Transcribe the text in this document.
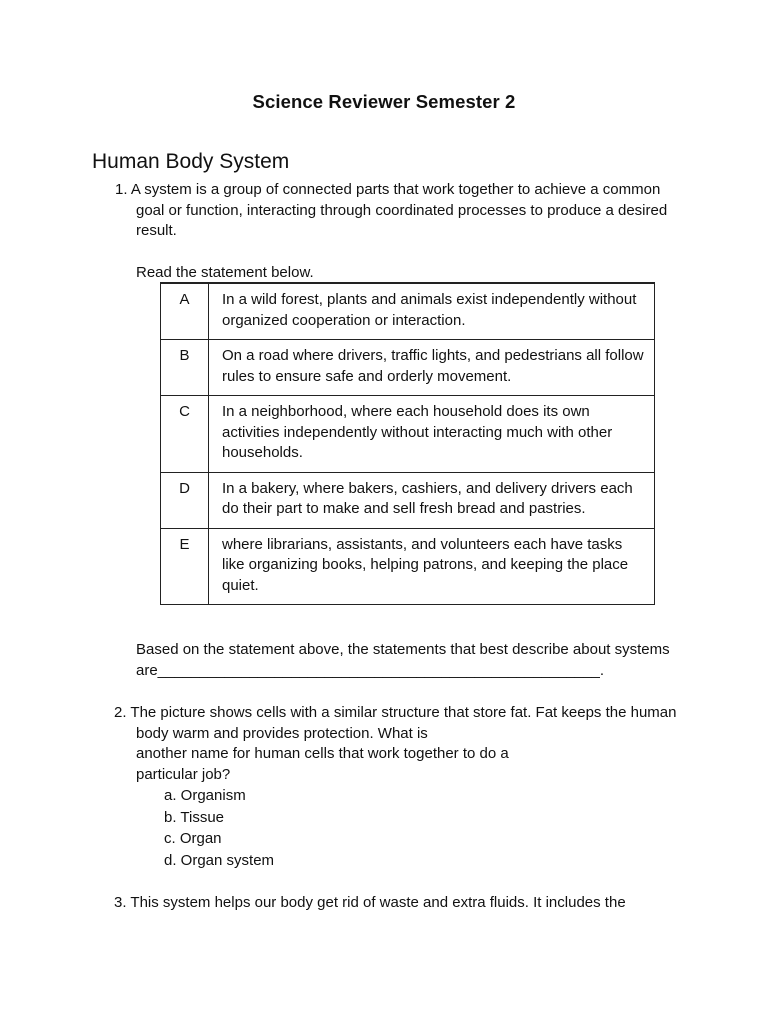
Science Reviewer Semester 2
Human Body System
1. A system is a group of connected parts that work together to achieve a common
goal or function, interacting through coordinated processes to produce a desired
result.
Read the statement below.
A	In a wild forest, plants and animals exist independently without organized cooperation or interaction.
B	On a road where drivers, traffic lights, and pedestrians all follow rules to ensure safe and orderly movement.
C	In a neighborhood, where each household does its own activities independently without interacting much with other households.
D	In a bakery, where bakers, cashiers, and delivery drivers each do their part to make and sell fresh bread and pastries.
E	where librarians, assistants, and volunteers each have tasks like organizing books, helping patrons, and keeping the place quiet.
Based on the statement above, the statements that best describe about systems
are_____________________________________________________.
2. The picture shows cells with a similar structure that store fat. Fat keeps the human
body warm and provides protection. What is
another name for human cells that work together to do a
particular job?
a. Organism
b. Tissue
c. Organ
d. Organ system
3. This system helps our body get rid of waste and extra fluids. It includes the
